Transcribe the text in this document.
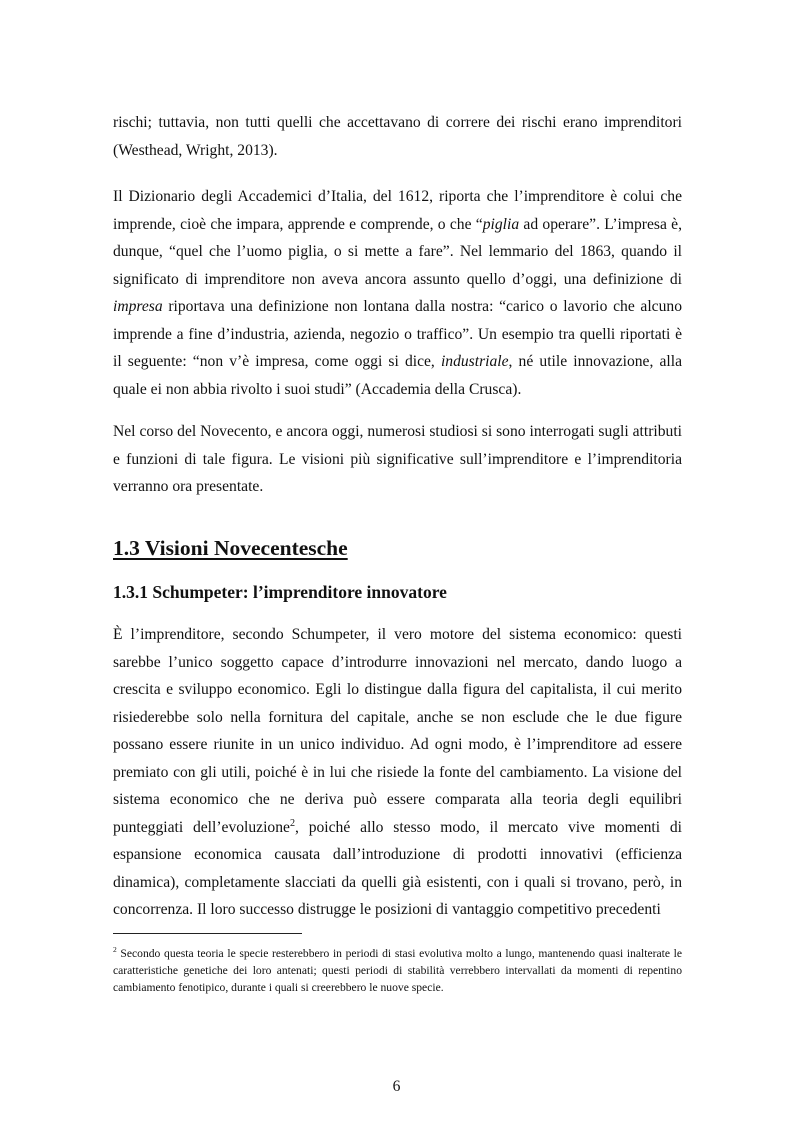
rischi; tuttavia, non tutti quelli che accettavano di correre dei rischi erano imprenditori (Westhead, Wright, 2013).

Il Dizionario degli Accademici d’Italia, del 1612, riporta che l’imprenditore è colui che imprende, cioè che impara, apprende e comprende, o che “piglia ad operare”. L’impresa è, dunque, “quel che l’uomo piglia, o si mette a fare”. Nel lemmario del 1863, quando il significato di imprenditore non aveva ancora assunto quello d’oggi, una definizione di impresa riportava una definizione non lontana dalla nostra: “carico o lavorio che alcuno imprende a fine d’industria, azienda, negozio o traffico”. Un esempio tra quelli riportati è il seguente: “non v’è impresa, come oggi si dice, industriale, né utile innovazione, alla quale ei non abbia rivolto i suoi studi” (Accademia della Crusca).

Nel corso del Novecento, e ancora oggi, numerosi studiosi si sono interrogati sugli attributi e funzioni di tale figura. Le visioni più significative sull’imprenditore e l’imprenditoria verranno ora presentate.

1.3 Visioni Novecentesche
1.3.1 Schumpeter: l’imprenditore innovatore

È l’imprenditore, secondo Schumpeter, il vero motore del sistema economico: questi sarebbe l’unico soggetto capace d’introdurre innovazioni nel mercato, dando luogo a crescita e sviluppo economico. Egli lo distingue dalla figura del capitalista, il cui merito risiederebbe solo nella fornitura del capitale, anche se non esclude che le due figure possano essere riunite in un unico individuo. Ad ogni modo, è l’imprenditore ad essere premiato con gli utili, poiché è in lui che risiede la fonte del cambiamento. La visione del sistema economico che ne deriva può essere comparata alla teoria degli equilibri punteggiati dell’evoluzione$^2$, poiché allo stesso modo, il mercato vive momenti di espansione economica causata dall’introduzione di prodotti innovativi (efficienza dinamica), completamente slacciati da quelli già esistenti, con i quali si trovano, però, in concorrenza. Il loro successo distrugge le posizioni di vantaggio competitivo precedenti

$^2$ Secondo questa teoria le specie resterebbero in periodi di stasi evolutiva molto a lungo, mantenendo quasi inalterate le caratteristiche genetiche dei loro antenati; questi periodi di stabilità verrebbero intervallati da momenti di repentino cambiamento fenotipico, durante i quali si creerebbero le nuove specie.

6
